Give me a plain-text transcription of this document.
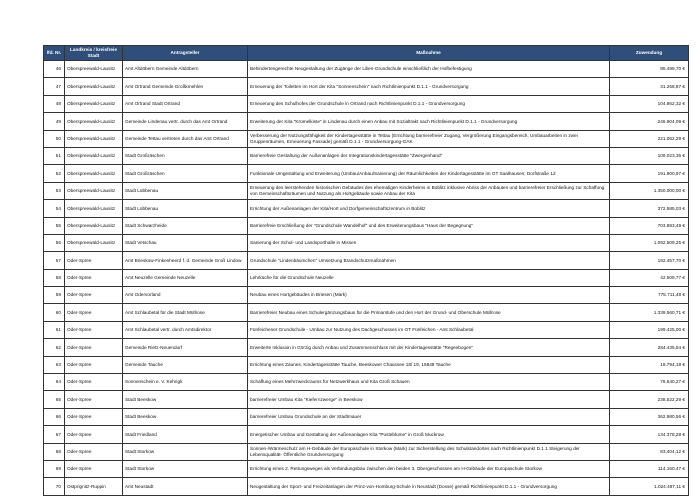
lfd. Nr.	Landkreis / kreisfreie Stadt	Antragsteller	Maßnahme	Zuwendung
46	Oberspreewald-Lausitz	Amt Altdöbern Gemeinde Altdöbern	Behindertengerechte Neugestaltung der Zugänge der Lilien-Grundschule einschließlich der Hofbefestigung	85.499,70 €
47	Oberspreewald-Lausitz	Amt Ortrand Gemeinde Großkmehlen	Erneuerung der Toiletten im Hort der Kita "Sonnenschein" nach Richtlinienpunkt D.1.1 - Grundversorgung	31.268,87 €
48	Oberspreewald-Lausitz	Amt Ortrand Stadt Ortrand	Erneuerung des Schulhofes der Grundschule in Ortrand nach Richtlinienpunkt D.1.1 - Grundversorgung	104.862,32 €
49	Oberspreewald-Lausitz	Gemeinde Lindenau vertr. durch das Amt Ortrand	Erweiterung der Kita "Krümelkiste" in Lindenau durch einen Anbau mit Sozialtrakt nach Richtlinienpunkt D.1.1 - Grundversorgung	246.904,09 €
50	Oberspreewald-Lausitz	Gemeinde Tettau vertreten durch das Amt Ortrand	Verbesserung der Nutzungsfähigkeit der Kindertagesstätte in Tettau (Errichtung barrierefreier Zugang, Vergrößerung Eingangsbereich, Umbauarbeiten in zwei Gruppenräumen, Erneuerung Fassade) gemäß D.1.1 - Grundversorgung-GAK	221.062,29 €
51	Oberspreewald-Lausitz	Stadt Großräschen	Barrierefreie Gestaltung der Außenanlagen der Integrationskindertagesstätte "Zwergenhand"	109.023,35 €
52	Oberspreewald-Lausitz	Stadt Großräschen	Funktionale Umgestaltung und Erweiterung (Umbau/Anbau/Sanierung) der Räumlichkeiten der Kindertagesstätte im OT Saalhausen; Dorfstraße 12	191.900,97 €
53	Oberspreewald-Lausitz	Stadt Lübbenau	Erneuerung des leerstehenden historischen Gebäudes des ehemaligen Kinderheims in Boblitz inklusive Abriss der Anbauten und barrierefreier Erschließung zur Schaffung von Gemeinschaftsräumen und Nutzung als Hortgebäude sowie Anbau der Kita	1.350.000,00 €
54	Oberspreewald-Lausitz	Stadt Lübbenau	Errichtung der Außenanlagen der Kita/Hort und Dorfgemeinschaftszentrum in Boblitz	372.585,03 €
55	Oberspreewald-Lausitz	Stadt Schwarzheide	Barrierefreie Erschließung der "Grundschule Wandelhof" und des Erweiterungsbaus "Haus der Begegnung"	703.893,49 €
56	Oberspreewald-Lausitz	Stadt Vetschau	Sanierung der Schul- und Landsporthalle in Missen	1.092.509,25 €
57	Oder-Spree	Amt Brieskow-Finkenheerd f. d. Gemeinde Groß Lindow	Grundschule "Lindenbäumchen" Umsetzung Brandschutzmaßnahmen	192.457,70 €
58	Oder-Spree	Amt Neuzelle Gemeinde Neuzelle	Lehrküche für die Grundschule Neuzelle	42.509,77 €
59	Oder-Spree	Amt Odervorland	Neubau eines Hortgebäudes in Briesen (Mark)	775.711,48 €
60	Oder-Spree	Amt Schlaubetal für die Stadt Müllrose	Barrierefreier Neubau eines Schulergänzungsbaus für die Primarstufe und den Hort der Grund- und Oberschule Müllrose	1.339.560,71 €
61	Oder-Spree	Amt Schlaubetal vertr. durch Amtsdirektor	Fünfeichener Grundschule - Umbau zur Nutzung des Dachgeschosses im OT Fünfeichen - Amt Schlaubetal	199.425,00 €
62	Oder-Spree	Gemeinde Rietz-Neuendorf	Erweiterte Inklusion in Görzig durch Anbau und Zusammenschluss mit der Kindertagesstätte "Regenbogen"	284.435,54 €
63	Oder-Spree	Gemeinde Tauche	Errichtung eines Zaunes, Kindertagesstätte Tauche, Beeskower Chaussee 18/ 19, 15848 Tauche	18.794,18 €
64	Oder-Spree	Sonnenschein e. V. Kehrigk	Schaffung eines Mehrzweckraums für Netzwerkhaus und Kita Groß Schauen	76.540,27 €
65	Oder-Spree	Stadt Beeskow	barrierefreier Umbau Kita "Kiefernzwerge" in Beeskow	238.522,29 €
66	Oder-Spree	Stadt Beeskow	barrierefreier Umbau Grundschule an der Stadtmauer	362.980,56 €
67	Oder-Spree	Stadt Friedland	Energetischer Umbau und Gestaltung der Außenanlagen Kita "Pusteblume" in Groß Muckrow	134.378,28 €
68	Oder-Spree	Stadt Storkow	Sonnen-/Wärmeschutz am H-Gebäude der Europaschule in Storkow (Mark) zur Sicherstellung des Schulstandortes nach Richtlinienpunkt D.1.1 Steigerung der Lebensqualität- Öffentliche Grundversorgung	83.404,12 €
69	Oder-Spree	Stadt Storkow	Errichtung eines 2. Rettungsweges als Verbindungsbau zwischen den beiden 3. Obergeschossen am H-Gebäude der Europaschule Storkow	114.160,47 €
70	Ostprignitz-Ruppin	Amt Neustadt	Neugestaltung der Sport- und Freizeitanlagen der Prinz-von-Homburg-Schule in Neustadt (Dosse) gemäß Richtlinienpunkt D.1.1 - Grundversorgung	1.024.487,11 €
